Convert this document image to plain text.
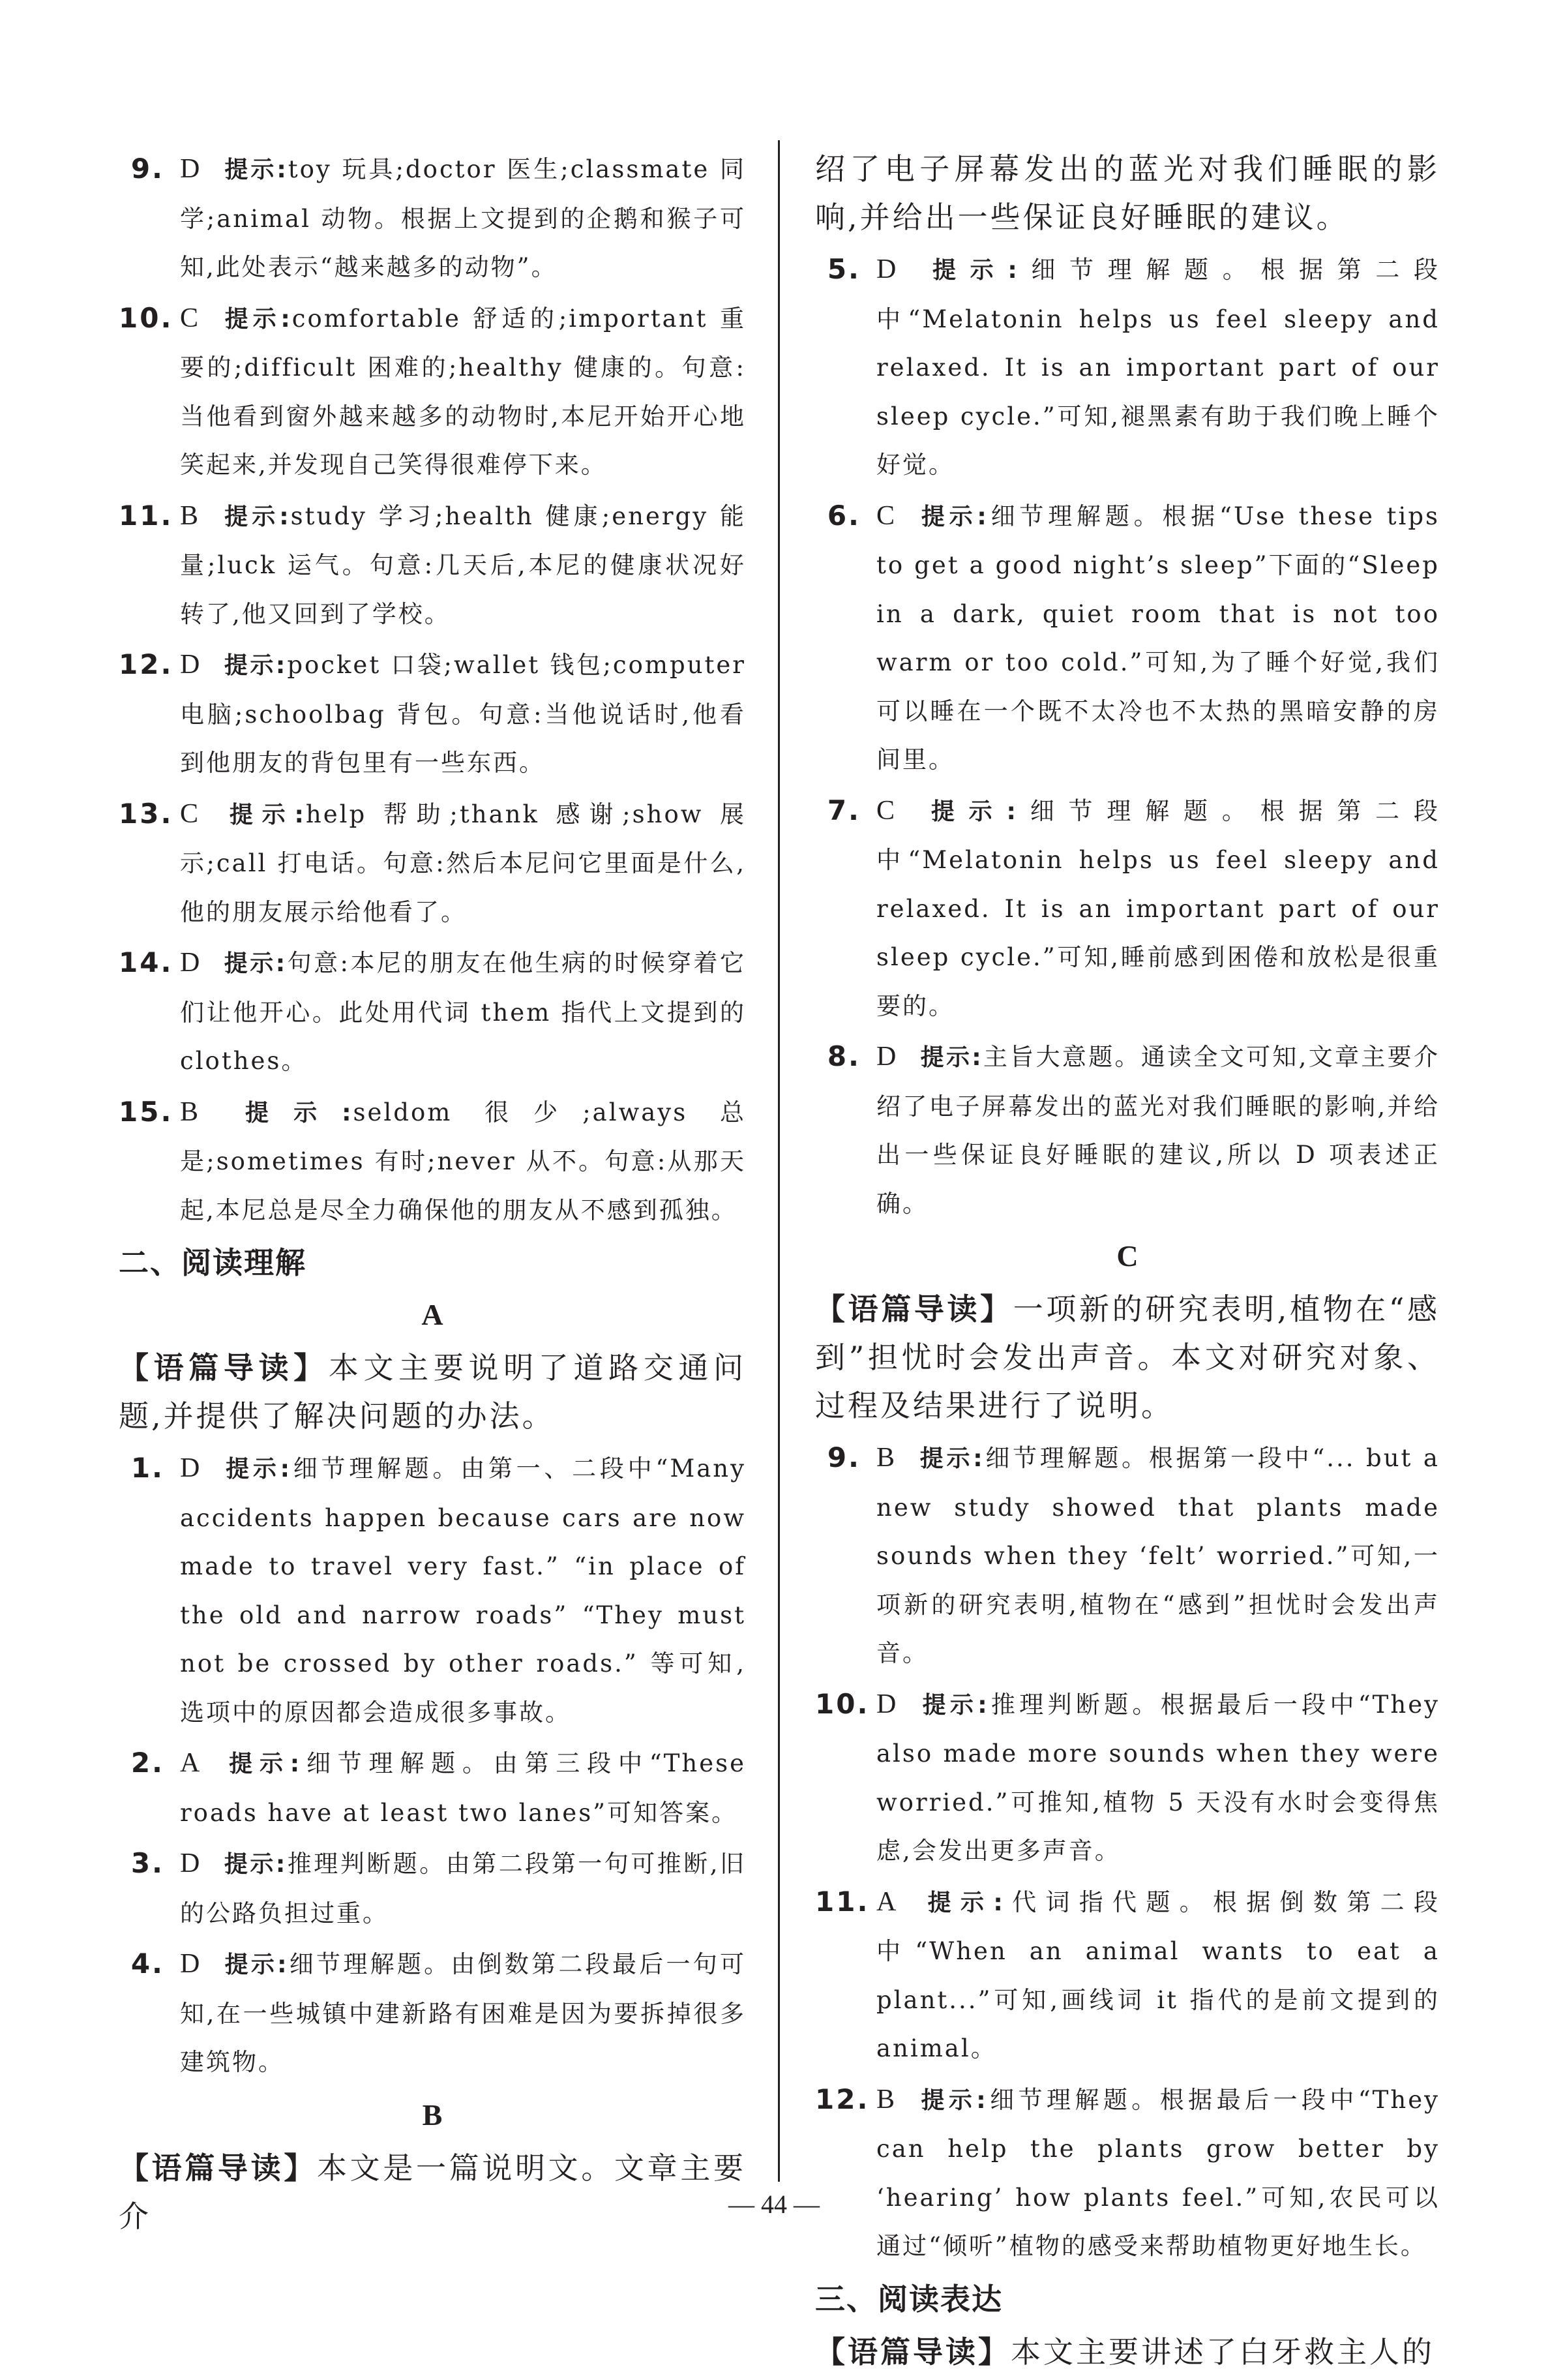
9. D 提示:toy 玩具;doctor 医生;classmate 同学;animal 动物。根据上文提到的企鹅和猴子可知,此处表示“越来越多的动物”。
10. C 提示:comfortable 舒适的;important 重要的;difficult 困难的;healthy 健康的。句意:当他看到窗外越来越多的动物时,本尼开始开心地笑起来,并发现自己笑得很难停下来。
11. B 提示:study 学习;health 健康;energy 能量;luck 运气。句意:几天后,本尼的健康状况好转了,他又回到了学校。
12. D 提示:pocket 口袋;wallet 钱包;computer 电脑;schoolbag 背包。句意:当他说话时,他看到他朋友的背包里有一些东西。
13. C 提示:help 帮助;thank 感谢;show 展示;call 打电话。句意:然后本尼问它里面是什么,他的朋友展示给他看了。
14. D 提示:句意:本尼的朋友在他生病的时候穿着它们让他开心。此处用代词 them 指代上文提到的 clothes。
15. B 提示:seldom 很少;always 总是;sometimes 有时;never 从不。句意:从那天起,本尼总是尽全力确保他的朋友从不感到孤独。
二、阅读理解
A
【语篇导读】本文主要说明了道路交通问题,并提供了解决问题的办法。
1. D 提示:细节理解题。由第一、二段中“Many accidents happen because cars are now made to travel very fast.” “in place of the old and narrow roads” “They must not be crossed by other roads.” 等可知,选项中的原因都会造成很多事故。
2. A 提示:细节理解题。由第三段中“These roads have at least two lanes”可知答案。
3. D 提示:推理判断题。由第二段第一句可推断,旧的公路负担过重。
4. D 提示:细节理解题。由倒数第二段最后一句可知,在一些城镇中建新路有困难是因为要拆掉很多建筑物。
B
【语篇导读】本文是一篇说明文。文章主要介
绍了电子屏幕发出的蓝光对我们睡眠的影响,并给出一些保证良好睡眠的建议。
5. D 提示:细节理解题。根据第二段中“Melatonin helps us feel sleepy and relaxed. It is an important part of our sleep cycle.”可知,褪黑素有助于我们晚上睡个好觉。
6. C 提示:细节理解题。根据“Use these tips to get a good night’s sleep”下面的“Sleep in a dark, quiet room that is not too warm or too cold.”可知,为了睡个好觉,我们可以睡在一个既不太冷也不太热的黑暗安静的房间里。
7. C 提示:细节理解题。根据第二段中“Melatonin helps us feel sleepy and relaxed. It is an important part of our sleep cycle.”可知,睡前感到困倦和放松是很重要的。
8. D 提示:主旨大意题。通读全文可知,文章主要介绍了电子屏幕发出的蓝光对我们睡眠的影响,并给出一些保证良好睡眠的建议,所以 D 项表述正确。
C
【语篇导读】一项新的研究表明,植物在“感到”担忧时会发出声音。本文对研究对象、过程及结果进行了说明。
9. B 提示:细节理解题。根据第一段中“... but a new study showed that plants made sounds when they ‘felt’ worried.”可知,一项新的研究表明,植物在“感到”担忧时会发出声音。
10. D 提示:推理判断题。根据最后一段中“They also made more sounds when they were worried.”可推知,植物 5 天没有水时会变得焦虑,会发出更多声音。
11. A 提示:代词指代题。根据倒数第二段中“When an animal wants to eat a plant...”可知,画线词 it 指代的是前文提到的 animal。
12. B 提示:细节理解题。根据最后一段中“They can help the plants grow better by ‘hearing’ how plants feel.”可知,农民可以通过“倾听”植物的感受来帮助植物更好地生长。
三、阅读表达
【语篇导读】本文主要讲述了白牙救主人的
— 44 —
